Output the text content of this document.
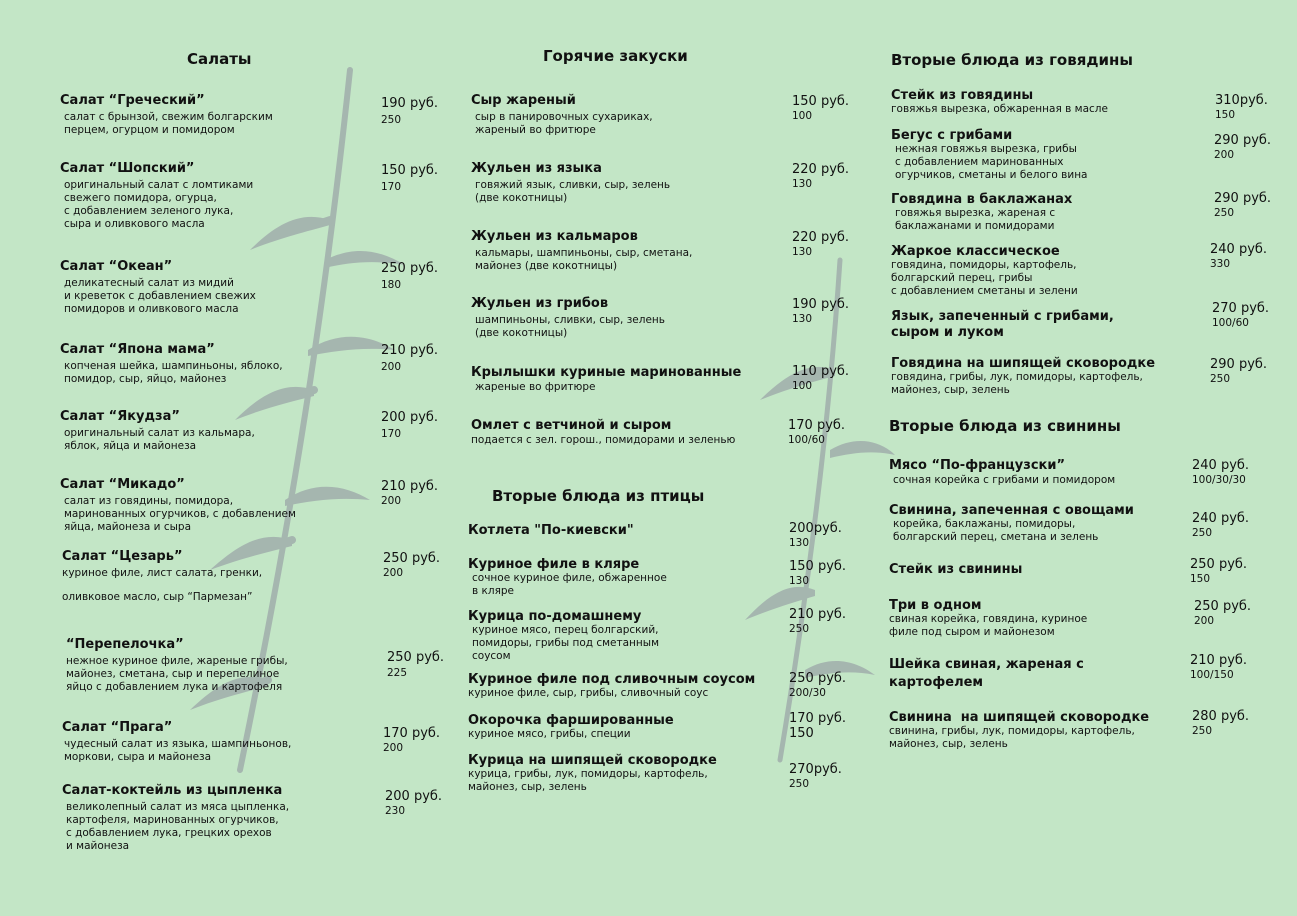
Салаты
Салат “Греческий”
салат с брынзой, свежим болгарским
перцем, огурцом и помидором
190 руб.
250
Салат “Шопский”
оригинальный салат с ломтиками
свежего помидора, огурца,
с добавлением зеленого лука,
сыра и оливкового масла
150 руб.
170
Салат “Океан”
деликатесный салат из мидий
и креветок с добавлением свежих
помидоров и оливкового масла
250 руб.
180
Салат “Япона мама”
копченая шейка, шампиньоны, яблоко,
помидор, сыр, яйцо, майонез
210 руб.
200
Салат “Якудза”
оригинальный салат из кальмара,
яблок, яйца и майонеза
200 руб.
170
Салат “Микадо”
салат из говядины, помидора,
маринованных огурчиков, с добавлением
яйца, майонеза и сыра
210 руб.
200
Салат “Цезарь”
куриное филе, лист салата, гренки,

оливковое масло, сыр “Пармезан”
250 руб.
200
“Перепелочка”
нежное куриное филе, жареные грибы,
майонез, сметана, сыр и перепелиное
яйцо с добавлением лука и картофеля
250 руб.
225
Салат “Прага”
чудесный салат из языка, шампиньонов,
моркови, сыра и майонеза
170 руб.
200
Салат-коктейль из цыпленка
великолепный салат из мяса цыпленка,
картофеля, маринованных огурчиков,
с добавлением лука, грецких орехов
и майонеза
200 руб.
230
Горячие закуски
Сыр жареный
сыр в панировочных сухариках,
жареный во фритюре
150 руб.
100
Жульен из языка
говяжий язык, сливки, сыр, зелень
(две кокотницы)
220 руб.
130
Жульен из кальмаров
кальмары, шампиньоны, сыр, сметана,
майонез (две кокотницы)
220 руб.
130
Жульен из грибов
шампиньоны, сливки, сыр, зелень
(две кокотницы)
190 руб.
130
Крылышки куриные маринованные
жареные во фритюре
110 руб.
100
Омлет с ветчиной и сыром
подается с зел. горош., помидорами и зеленью
170 руб.
100/60
Вторые блюда из птицы
Котлета "По-киевски"	200руб.
130
Куриное филе в кляре
сочное куриное филе, обжаренное
в кляре
150 руб.
130
Курица по-домашнему
куриное мясо, перец болгарский,
помидоры, грибы под сметанным
соусом
210 руб.
250
Куриное филе под сливочным соусом
куриное филе, сыр, грибы, сливочный соус
250 руб.
200/30
Окорочка фаршированные
куриное мясо, грибы, специи
170 руб.
150
Курица на шипящей сковородке
курица, грибы, лук, помидоры, картофель,
майонез, сыр, зелень
270руб.
250
Вторые блюда из говядины
Стейк из говядины
говяжья вырезка, обжаренная в масле
310руб.
150
Бегус с грибами
нежная говяжья вырезка, грибы
с добавлением маринованных
огурчиков, сметаны и белого вина
290 руб.
200
Говядина в баклажанах
говяжья вырезка, жареная с
баклажанами и помидорами
290 руб.
250
Жаркое классическое
говядина, помидоры, картофель,
болгарский перец, грибы
с добавлением сметаны и зелени
240 руб.
330
Язык, запеченный с грибами,
сыром и луком
270 руб.
100/60
Говядина на шипящей сковородке
говядина, грибы, лук, помидоры, картофель,
майонез, сыр, зелень
290 руб.
250
Вторые блюда из свинины
Мясо “По-французски”
сочная корейка с грибами и помидором
240 руб.
100/30/30
Свинина, запеченная с овощами
корейка, баклажаны, помидоры,
болгарский перец, сметана и зелень
240 руб.
250
Стейк из свинины	250 руб.
150
Три в одном
свиная корейка, говядина, куриное
филе под сыром и майонезом
250 руб.
200
Шейка свиная, жареная с
картофелем
210 руб.
100/150
Свинина  на шипящей сковородке
свинина, грибы, лук, помидоры, картофель,
майонез, сыр, зелень
280 руб.
250
